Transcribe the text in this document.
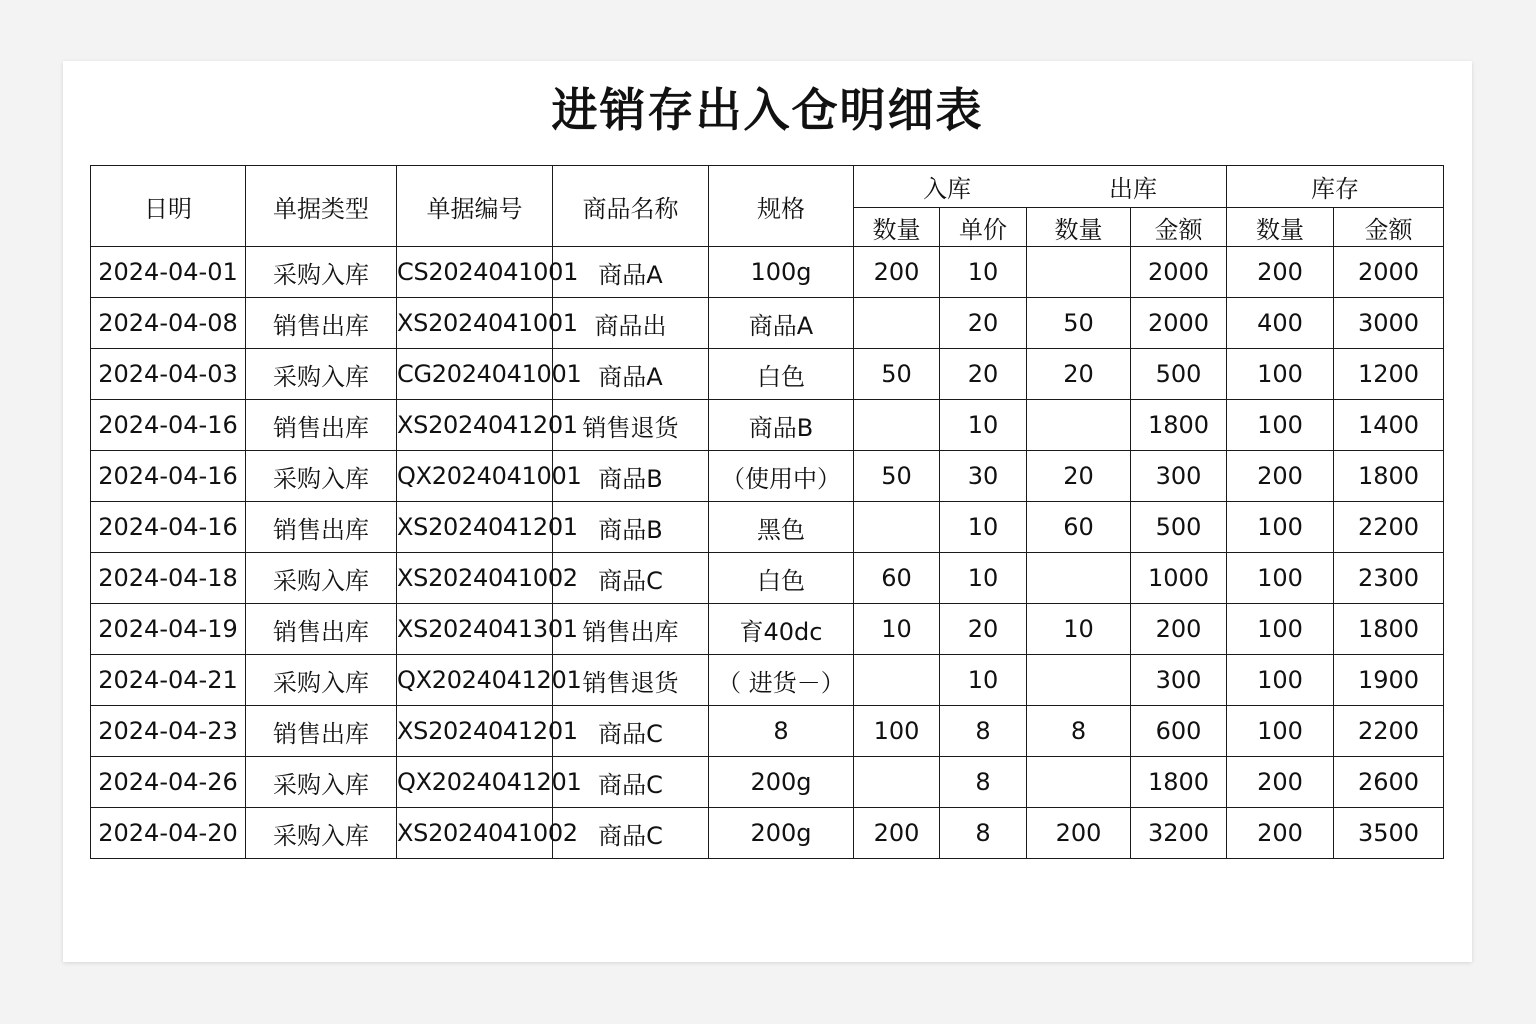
进销存出入仓明细表
日明	单据类型	单据编号	商品名称	规格	入库 出库				库存	
					数量	单价	数量	金额	数量	金额
2024-04-01	采购入库	CS2024041001	商品A	100g	200	10		2000	200	2000
2024-04-08	销售出库	XS2024041001	商品出	商品A		20	50	2000	400	3000
2024-04-03	采购入库	CG2024041001	商品A	白色	50	20	20	500	100	1200
2024-04-16	销售出库	XS2024041201	销售退货	商品B		10		1800	100	1400
2024-04-16	采购入库	QX2024041001	商品B	（使用中）	50	30	20	300	200	1800
2024-04-16	销售出库	XS2024041201	商品B	黑色		10	60	500	100	2200
2024-04-18	采购入库	XS2024041002	商品C	白色	60	10		1000	100	2300
2024-04-19	销售出库	XS2024041301	销售出库	育40dc	10	20	10	200	100	1800
2024-04-21	采购入库	QX2024041201	销售退货	（ 进货－）		10		300	100	1900
2024-04-23	销售出库	XS2024041201	商品C	8	100	8	8	600	100	2200
2024-04-26	采购入库	QX2024041201	商品C	200g		8		1800	200	2600
2024-04-20	采购入库	XS2024041002	商品C	200g	200	8	200	3200	200	3500
